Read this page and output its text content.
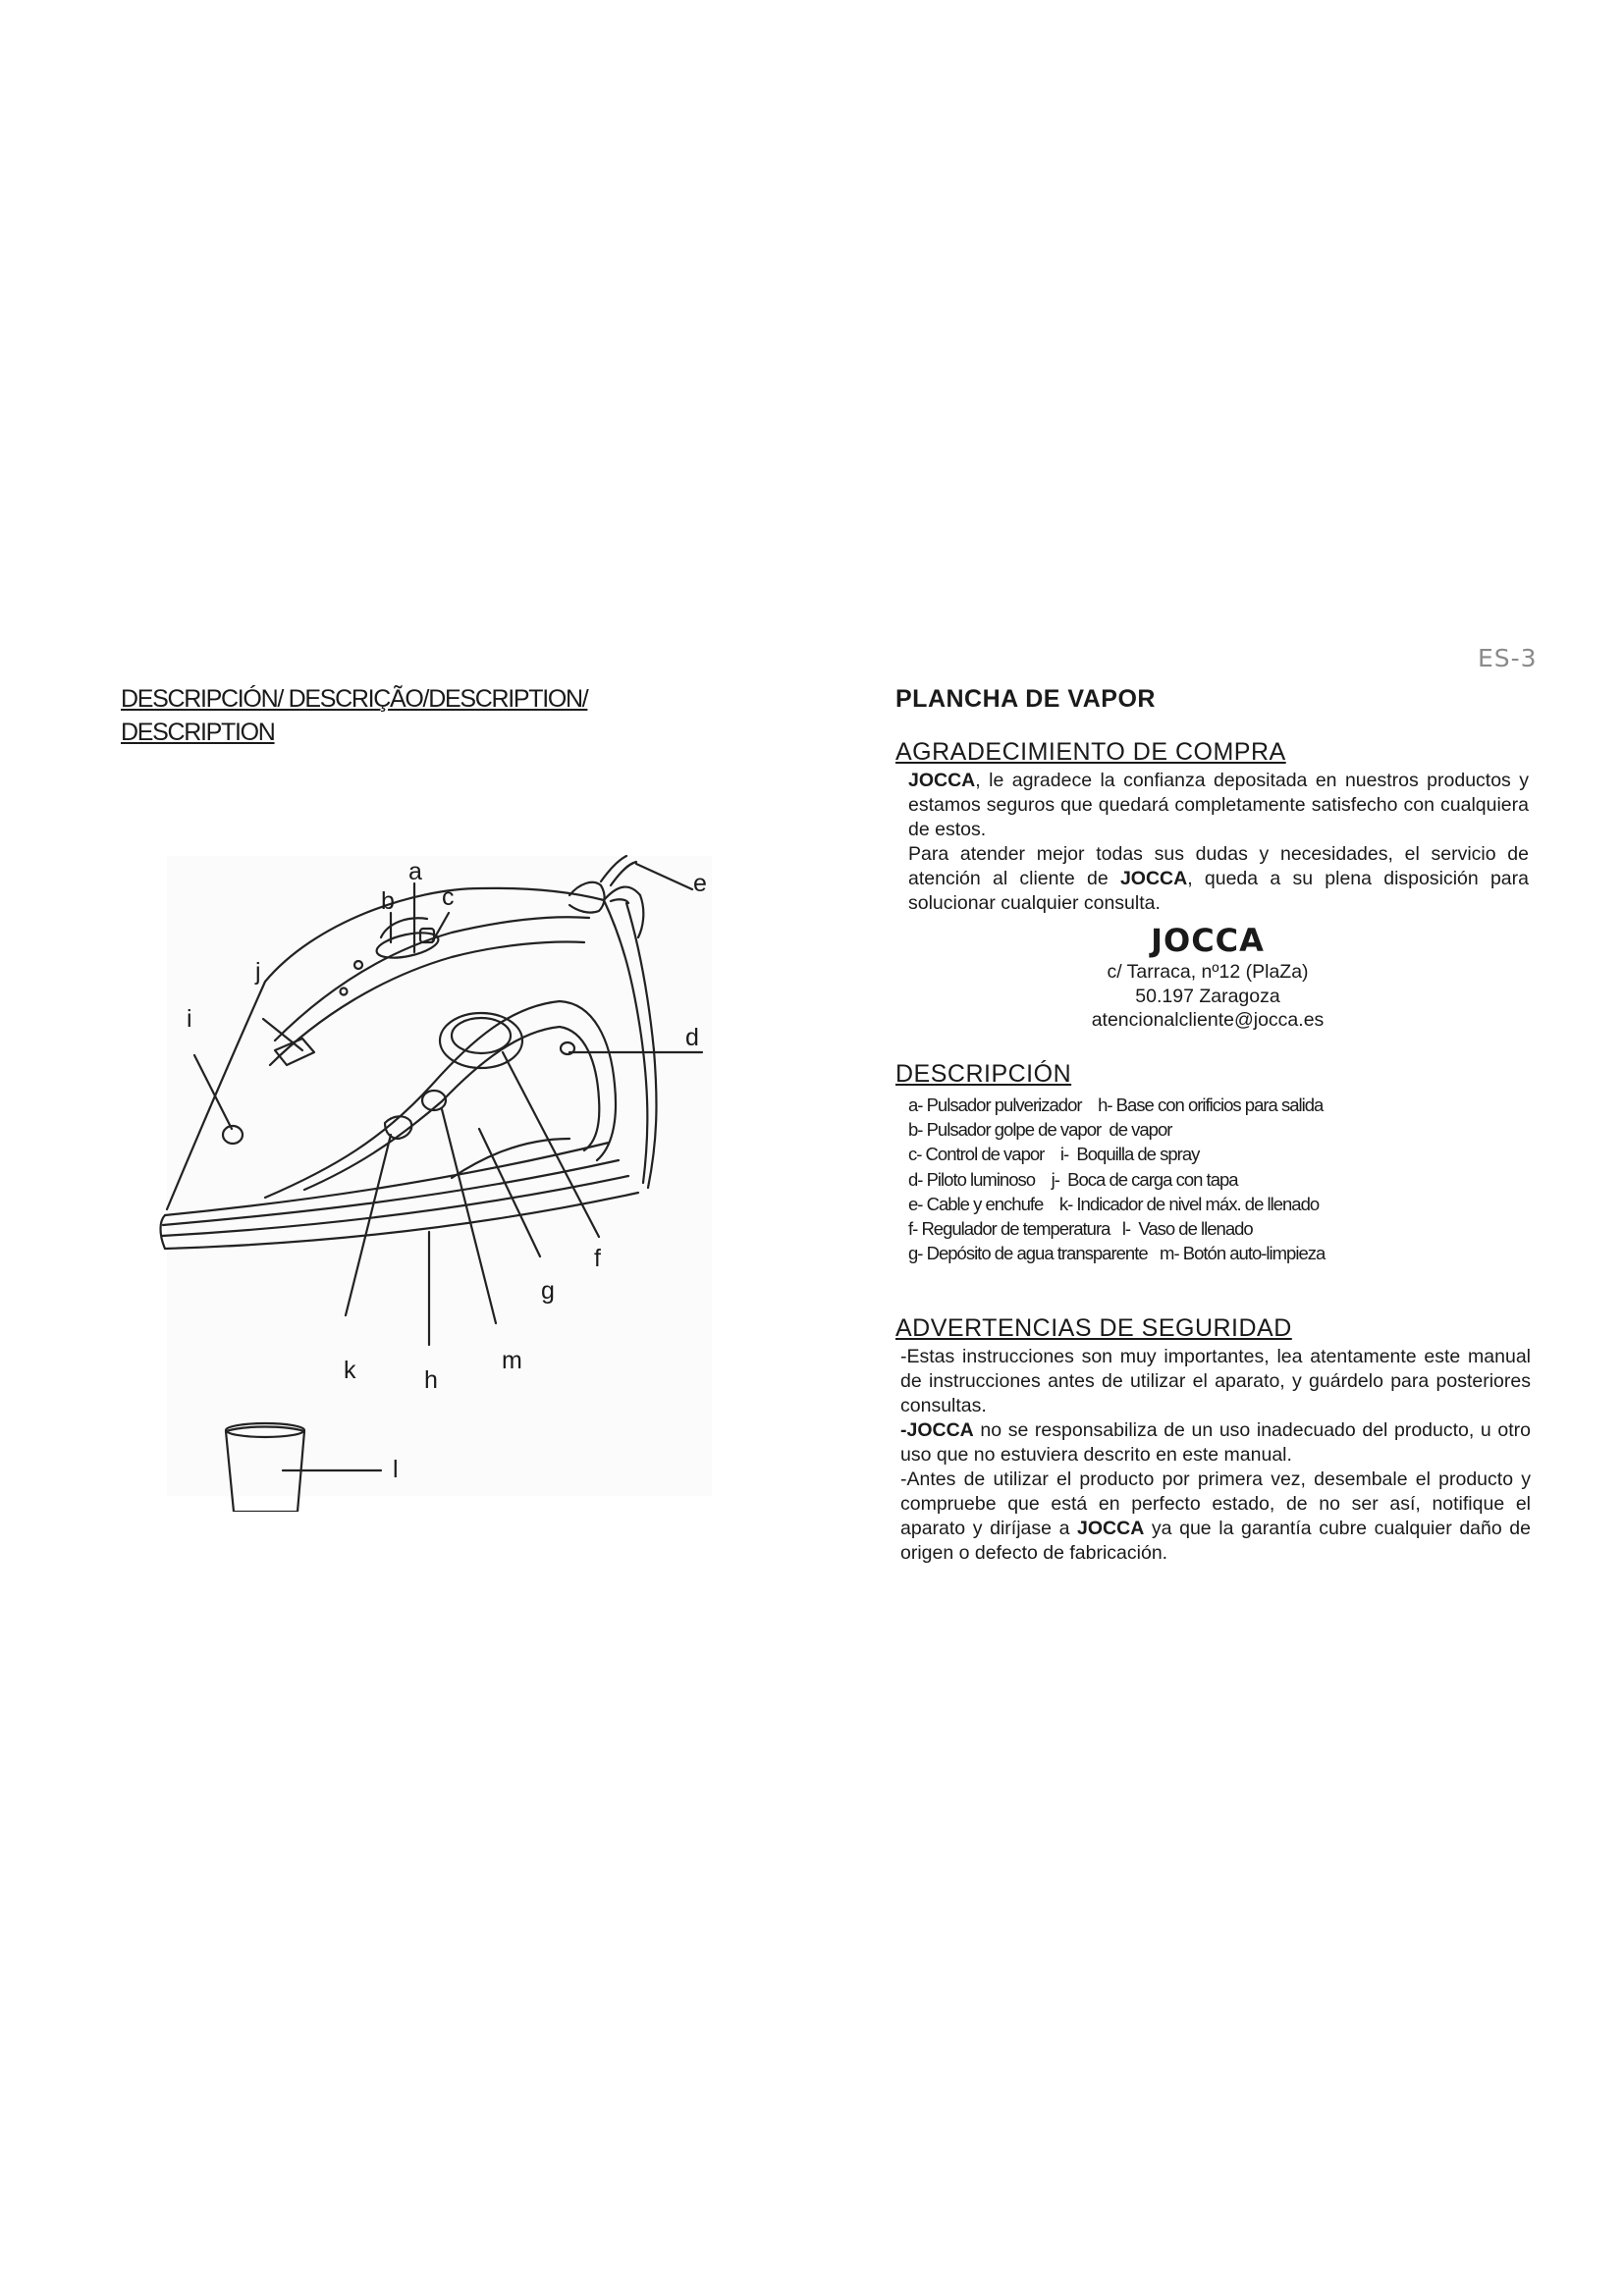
ES-3
DESCRIPCIÓN/ DESCRIÇÃO/DESCRIPTION/
DESCRIPTION
a
b c	e
d
j
i
f
g
m
k	h
l
PLANCHA DE VAPOR
AGRADECIMIENTO DE COMPRA

JOCCA, le agradece la confianza depositada en nuestros productos y estamos seguros que quedará completamente satisfecho con cualquiera de estos.

Para atender mejor todas sus dudas y necesidades, el servicio de atención al cliente de JOCCA, queda a su plena disposición para solucionar cualquier consulta.

JOCCA
c/ Tarraca, nº12 (PlaZa)
50.197 Zaragoza
atencionalcliente@jocca.es
DESCRIPCIÓN
a- Pulsador pulverizador    h- Base con orificios para salida
b- Pulsador golpe de vapor  de vapor
c- Control de vapor    i-  Boquilla de spray
d- Piloto luminoso    j-  Boca de carga con tapa
e- Cable y enchufe    k- Indicador de nivel máx. de llenado
f- Regulador de temperatura   l-  Vaso de llenado
g- Depósito de agua transparente   m- Botón auto-limpieza
ADVERTENCIAS DE SEGURIDAD

-Estas instrucciones son muy importantes, lea atentamente este manual de instrucciones antes de utilizar el aparato, y guárdelo para posteriores consultas.

-JOCCA no se responsabiliza de un uso inadecuado del producto, u otro uso que no estuviera descrito en este manual.

-Antes de utilizar el producto por primera vez, desembale el producto y compruebe que está en perfecto estado, de no ser así, notifique el aparato y diríjase a JOCCA ya que la garantía cubre cualquier daño de origen o defecto de fabricación.
